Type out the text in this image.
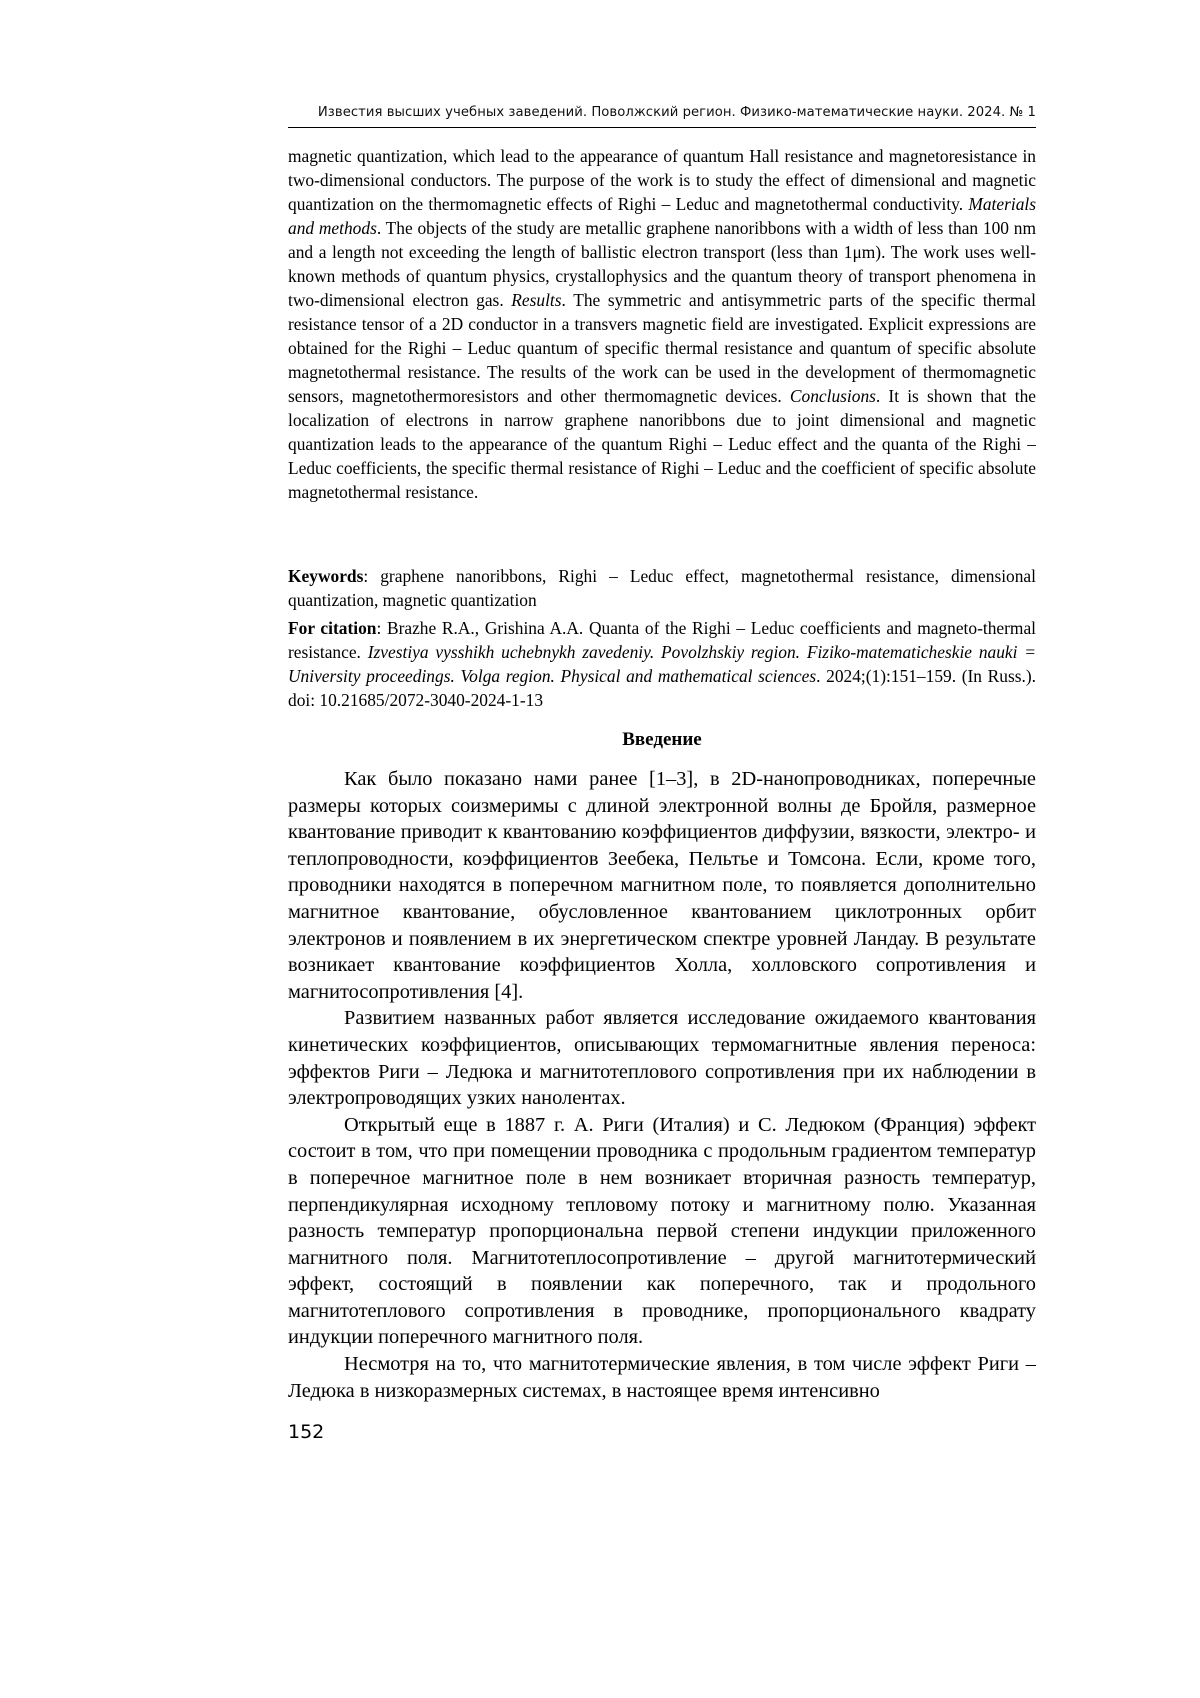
Известия высших учебных заведений. Поволжский регион. Физико-математические науки. 2024. № 1

magnetic quantization, which lead to the appearance of quantum Hall resistance and magnetoresistance in two-dimensional conductors. The purpose of the work is to study the effect of dimensional and magnetic quantization on the thermomagnetic effects of Righi – Leduc and magnetothermal conductivity. Materials and methods. The objects of the study are metallic graphene nanoribbons with a width of less than 100 nm and a length not exceeding the length of ballistic electron transport (less than 1μm). The work uses well-known methods of quantum physics, crystallophysics and the quantum theory of transport phenomena in two-dimensional electron gas. Results. The symmetric and antisymmetric parts of the specific thermal resistance tensor of a 2D conductor in a transvers magnetic field are investigated. Explicit expressions are obtained for the Righi – Leduc quantum of specific thermal resistance and quantum of specific absolute magnetothermal resistance. The results of the work can be used in the development of thermomagnetic sensors, magnetothermoresistors and other thermomagnetic devices. Conclusions. It is shown that the localization of electrons in narrow graphene nanoribbons due to joint dimensional and magnetic quantization leads to the appearance of the quantum Righi – Leduc effect and the quanta of the Righi – Leduc coefficients, the specific thermal resistance of Righi – Leduc and the coefficient of specific absolute magnetothermal resistance.

Keywords: graphene nanoribbons, Righi – Leduc effect, magnetothermal resistance, dimensional quantization, magnetic quantization

For citation: Brazhe R.A., Grishina A.A. Quanta of the Righi – Leduc coefficients and magneto-thermal resistance. Izvestiya vysshikh uchebnykh zavedeniy. Povolzhskiy region. Fiziko-matematicheskie nauki = University proceedings. Volga region. Physical and mathematical sciences. 2024;(1):151–159. (In Russ.). doi: 10.21685/2072-3040-2024-1-13

Введение

Как было показано нами ранее [1–3], в 2D-нанопроводниках, поперечные размеры которых соизмеримы с длиной электронной волны де Бройля, размерное квантование приводит к квантованию коэффициентов диффузии, вязкости, электро- и теплопроводности, коэффициентов Зеебека, Пельтье и Томсона. Если, кроме того, проводники находятся в поперечном магнитном поле, то появляется дополнительно магнитное квантование, обусловленное квантованием циклотронных орбит электронов и появлением в их энергетическом спектре уровней Ландау. В результате возникает квантование коэффициентов Холла, холловского сопротивления и магнитосопротивления [4].

Развитием названных работ является исследование ожидаемого квантования кинетических коэффициентов, описывающих термомагнитные явления переноса: эффектов Риги – Ледюка и магнитотеплового сопротивления при их наблюдении в электропроводящих узких нанолентах.

Открытый еще в 1887 г. А. Риги (Италия) и С. Ледюком (Франция) эффект состоит в том, что при помещении проводника с продольным градиентом температур в поперечное магнитное поле в нем возникает вторичная разность температур, перпендикулярная исходному тепловому потоку и магнитному полю. Указанная разность температур пропорциональна первой степени индукции приложенного магнитного поля. Магнитотеплосопротивление – другой магнитотермический эффект, состоящий в появлении как поперечного, так и продольного магнитотеплового сопротивления в проводнике, пропорционального квадрату индукции поперечного магнитного поля.

Несмотря на то, что магнитотермические явления, в том числе эффект Риги – Ледюка в низкоразмерных системах, в настоящее время интенсивно

152
